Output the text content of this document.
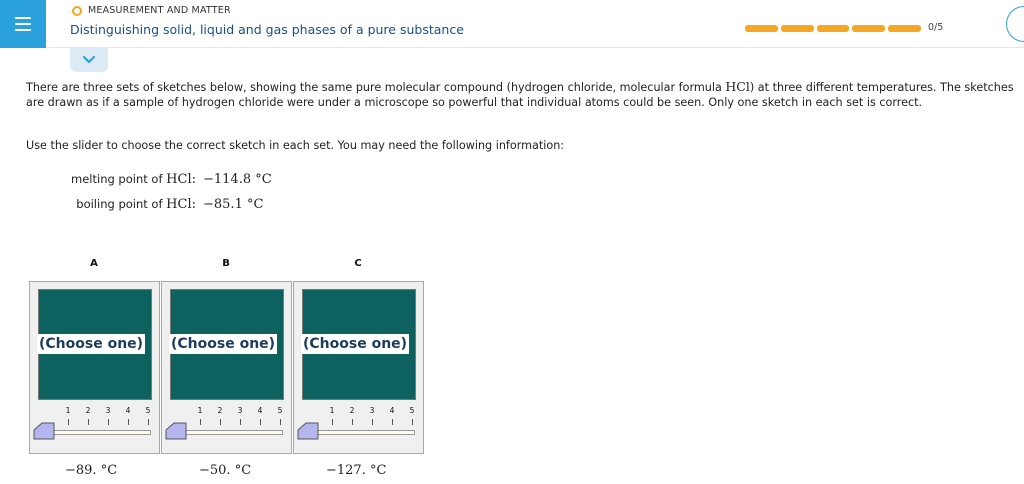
MEASUREMENT AND MATTER
Distinguishing solid, liquid and gas phases of a pure substance	0/5
There are three sets of sketches below, showing the same pure molecular compound (hydrogen chloride, molecular formula HCl) at three different temperatures. The sketches are drawn as if a sample of hydrogen chloride were under a microscope so powerful that individual atoms could be seen. Only one sketch in each set is correct.
Use the slider to choose the correct sketch in each set. You may need the following information:
melting point of HCl: −114.8 °C
boiling point of HCl: −85.1 °C
A
(Choose one)
1	2	3	4	5
−89. °C
B
(Choose one)
1	2	3	4	5
−50. °C
C
(Choose one)
1	2	3	4	5
−127. °C
